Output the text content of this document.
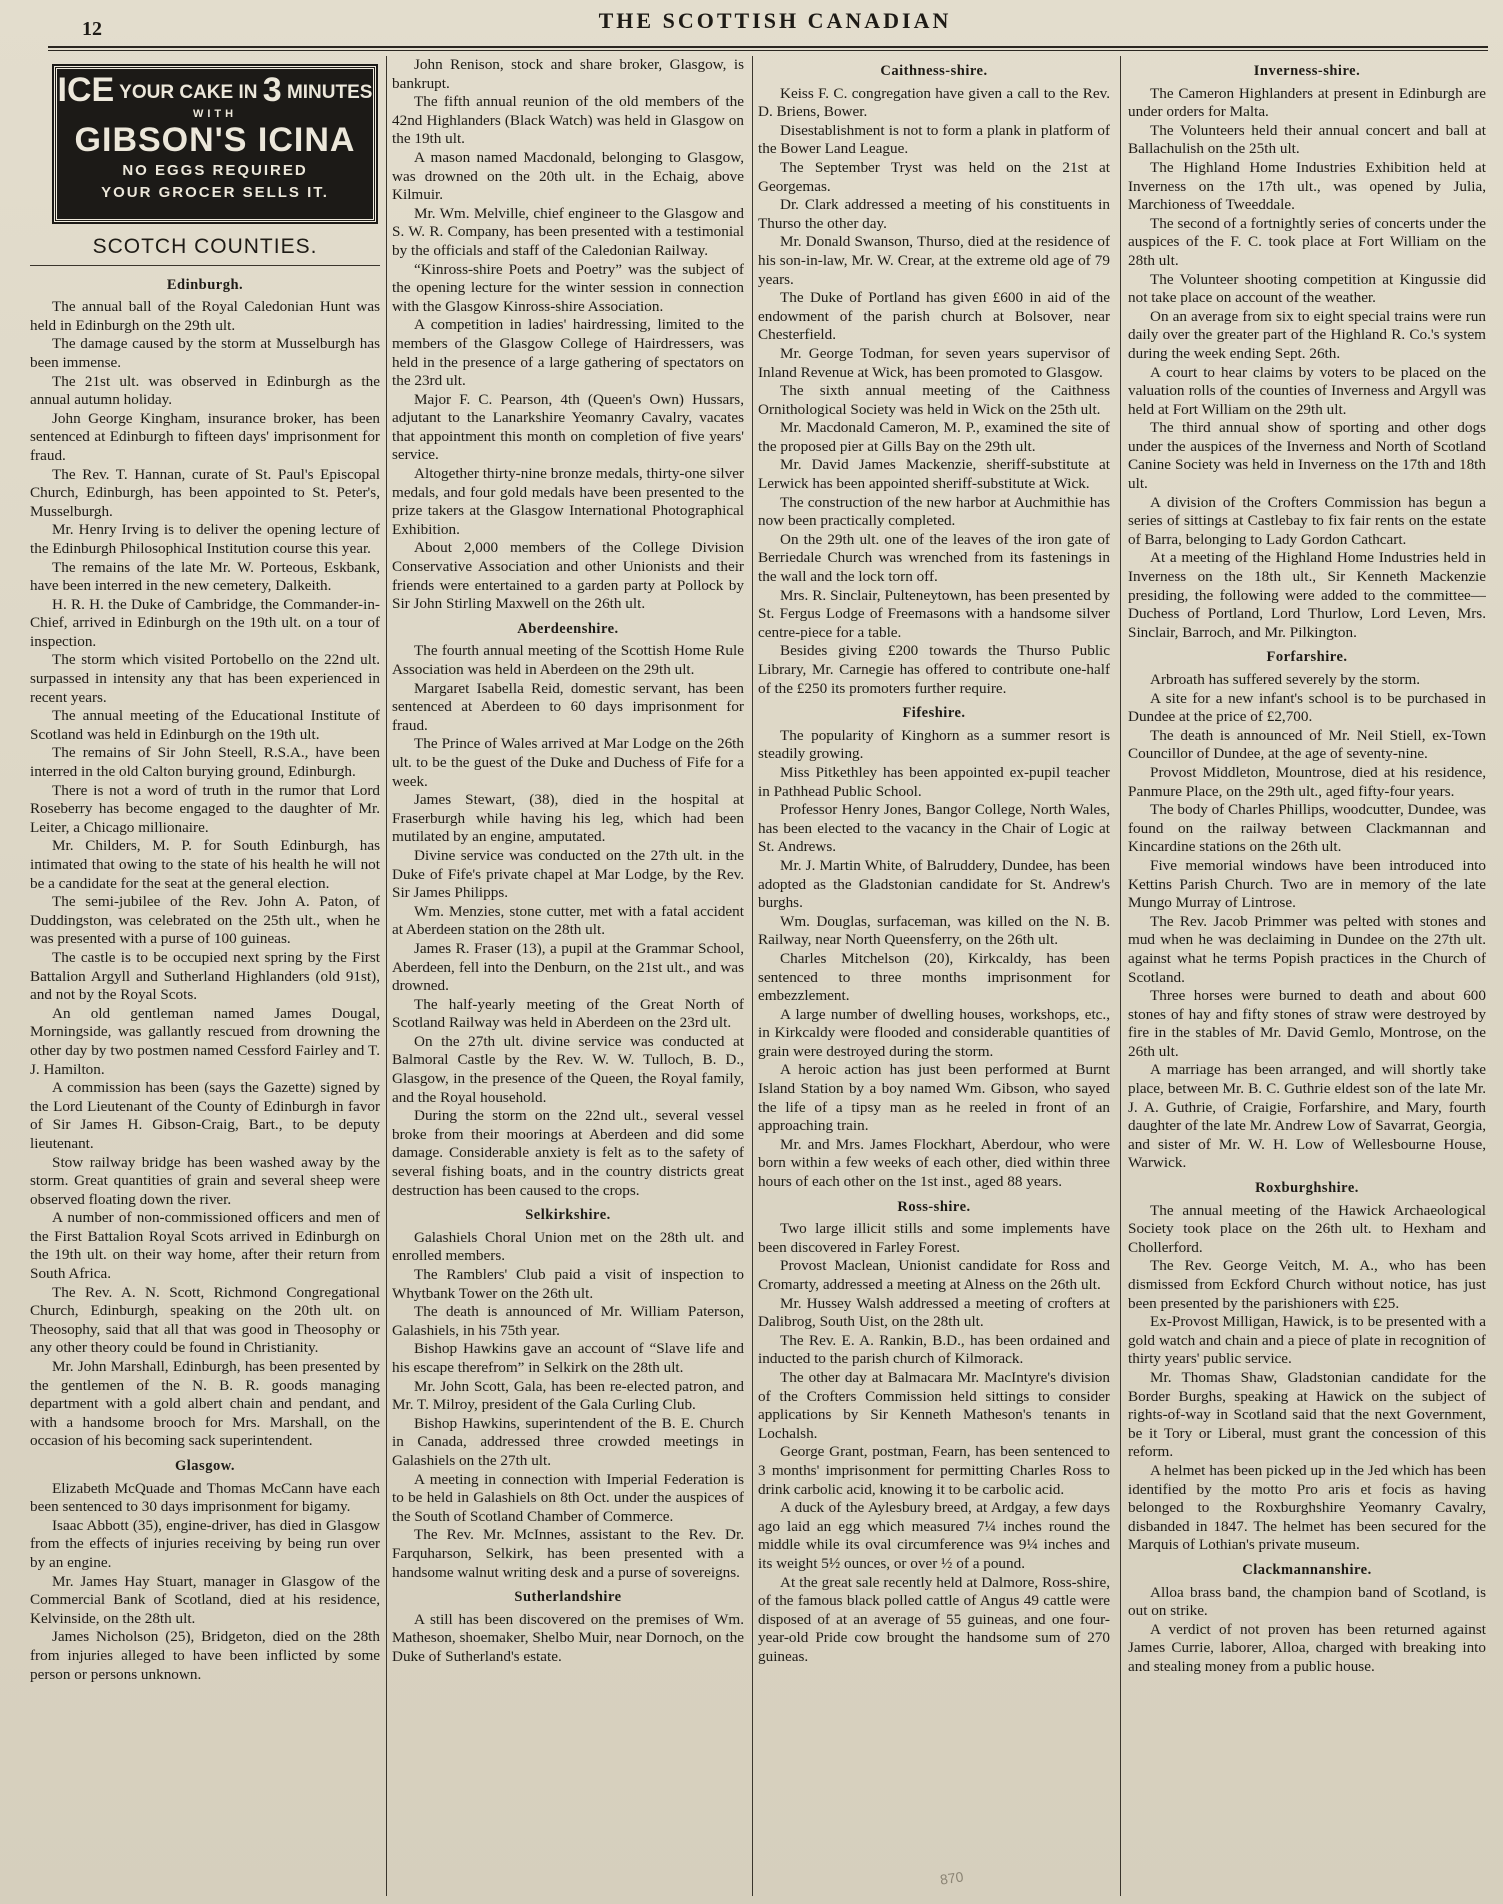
12	THE SCOTTISH CANADIAN
ICE YOUR CAKE IN 3 MINUTES
WITH
GIBSON'S ICINA
NO EGGS REQUIRED
YOUR GROCER SELLS IT.
SCOTCH COUNTIES.
Edinburgh.

The annual ball of the Royal Caledonian Hunt was held in Edinburgh on the 29th ult.

The damage caused by the storm at Musselburgh has been immense.

The 21st ult. was observed in Edinburgh as the annual autumn holiday.

John George Kingham, insurance broker, has been sentenced at Edinburgh to fifteen days' imprisonment for fraud.

The Rev. T. Hannan, curate of St. Paul's Episcopal Church, Edinburgh, has been appointed to St. Peter's, Musselburgh.

Mr. Henry Irving is to deliver the opening lecture of the Edinburgh Philosophical Institution course this year.

The remains of the late Mr. W. Porteous, Eskbank, have been interred in the new cemetery, Dalkeith.

H. R. H. the Duke of Cambridge, the Commander-in-Chief, arrived in Edinburgh on the 19th ult. on a tour of inspection.

The storm which visited Portobello on the 22nd ult. surpassed in intensity any that has been experienced in recent years.

The annual meeting of the Educational Institute of Scotland was held in Edinburgh on the 19th ult.

The remains of Sir John Steell, R.S.A., have been interred in the old Calton burying ground, Edinburgh.

There is not a word of truth in the rumor that Lord Roseberry has become engaged to the daughter of Mr. Leiter, a Chicago millionaire.

Mr. Childers, M. P. for South Edinburgh, has intimated that owing to the state of his health he will not be a candidate for the seat at the general election.

The semi-jubilee of the Rev. John A. Paton, of Duddingston, was celebrated on the 25th ult., when he was presented with a purse of 100 guineas.

The castle is to be occupied next spring by the First Battalion Argyll and Sutherland Highlanders (old 91st), and not by the Royal Scots.

An old gentleman named James Dougal, Morningside, was gallantly rescued from drowning the other day by two postmen named Cessford Fairley and T. J. Hamilton.

A commission has been (says the Gazette) signed by the Lord Lieutenant of the County of Edinburgh in favor of Sir James H. Gibson-Craig, Bart., to be deputy lieutenant.

Stow railway bridge has been washed away by the storm. Great quantities of grain and several sheep were observed floating down the river.

A number of non-commissioned officers and men of the First Battalion Royal Scots arrived in Edinburgh on the 19th ult. on their way home, after their return from South Africa.

The Rev. A. N. Scott, Richmond Congregational Church, Edinburgh, speaking on the 20th ult. on Theosophy, said that all that was good in Theosophy or any other theory could be found in Christianity.

Mr. John Marshall, Edinburgh, has been presented by the gentlemen of the N. B. R. goods managing department with a gold albert chain and pendant, and with a handsome brooch for Mrs. Marshall, on the occasion of his becoming sack superintendent.

Glasgow.

Elizabeth McQuade and Thomas McCann have each been sentenced to 30 days imprisonment for bigamy.

Isaac Abbott (35), engine-driver, has died in Glasgow from the effects of injuries receiving by being run over by an engine.

Mr. James Hay Stuart, manager in Glasgow of the Commercial Bank of Scotland, died at his residence, Kelvinside, on the 28th ult.

James Nicholson (25), Bridgeton, died on the 28th from injuries alleged to have been inflicted by some person or persons unknown.

John Renison, stock and share broker, Glasgow, is bankrupt.

The fifth annual reunion of the old members of the 42nd Highlanders (Black Watch) was held in Glasgow on the 19th ult.

A mason named Macdonald, belonging to Glasgow, was drowned on the 20th ult. in the Echaig, above Kilmuir.

Mr. Wm. Melville, chief engineer to the Glasgow and S. W. R. Company, has been presented with a testimonial by the officials and staff of the Caledonian Railway.

“Kinross-shire Poets and Poetry” was the subject of the opening lecture for the winter session in connection with the Glasgow Kinross-shire Association.

A competition in ladies' hairdressing, limited to the members of the Glasgow College of Hairdressers, was held in the presence of a large gathering of spectators on the 23rd ult.

Major F. C. Pearson, 4th (Queen's Own) Hussars, adjutant to the Lanarkshire Yeomanry Cavalry, vacates that appointment this month on completion of five years' service.

Altogether thirty-nine bronze medals, thirty-one silver medals, and four gold medals have been presented to the prize takers at the Glasgow International Photographical Exhibition.

About 2,000 members of the College Division Conservative Association and other Unionists and their friends were entertained to a garden party at Pollock by Sir John Stirling Maxwell on the 26th ult.

Aberdeenshire.

The fourth annual meeting of the Scottish Home Rule Association was held in Aberdeen on the 29th ult.

Margaret Isabella Reid, domestic servant, has been sentenced at Aberdeen to 60 days imprisonment for fraud.

The Prince of Wales arrived at Mar Lodge on the 26th ult. to be the guest of the Duke and Duchess of Fife for a week.

James Stewart, (38), died in the hospital at Fraserburgh while having his leg, which had been mutilated by an engine, amputated.

Divine service was conducted on the 27th ult. in the Duke of Fife's private chapel at Mar Lodge, by the Rev. Sir James Philipps.

Wm. Menzies, stone cutter, met with a fatal accident at Aberdeen station on the 28th ult.

James R. Fraser (13), a pupil at the Grammar School, Aberdeen, fell into the Denburn, on the 21st ult., and was drowned.

The half-yearly meeting of the Great North of Scotland Railway was held in Aberdeen on the 23rd ult.

On the 27th ult. divine service was conducted at Balmoral Castle by the Rev. W. W. Tulloch, B. D., Glasgow, in the presence of the Queen, the Royal family, and the Royal household.

During the storm on the 22nd ult., several vessel broke from their moorings at Aberdeen and did some damage. Considerable anxiety is felt as to the safety of several fishing boats, and in the country districts great destruction has been caused to the crops.

Selkirkshire.

Galashiels Choral Union met on the 28th ult. and enrolled members.

The Ramblers' Club paid a visit of inspection to Whytbank Tower on the 26th ult.

The death is announced of Mr. William Paterson, Galashiels, in his 75th year.

Bishop Hawkins gave an account of “Slave life and his escape therefrom” in Selkirk on the 28th ult.

Mr. John Scott, Gala, has been re-elected patron, and Mr. T. Milroy, president of the Gala Curling Club.

Bishop Hawkins, superintendent of the B. E. Church in Canada, addressed three crowded meetings in Galashiels on the 27th ult.

A meeting in connection with Imperial Federation is to be held in Galashiels on 8th Oct. under the auspices of the South of Scotland Chamber of Commerce.

The Rev. Mr. McInnes, assistant to the Rev. Dr. Farquharson, Selkirk, has been presented with a handsome walnut writing desk and a purse of sovereigns.

Sutherlandshire

A still has been discovered on the premises of Wm. Matheson, shoemaker, Shelbo Muir, near Dornoch, on the Duke of Sutherland's estate.

Caithness-shire.

Keiss F. C. congregation have given a call to the Rev. D. Briens, Bower.

Disestablishment is not to form a plank in platform of the Bower Land League.

The September Tryst was held on the 21st at Georgemas.

Dr. Clark addressed a meeting of his constituents in Thurso the other day.

Mr. Donald Swanson, Thurso, died at the residence of his son-in-law, Mr. W. Crear, at the extreme old age of 79 years.

The Duke of Portland has given £600 in aid of the endowment of the parish church at Bolsover, near Chesterfield.

Mr. George Todman, for seven years supervisor of Inland Revenue at Wick, has been promoted to Glasgow.

The sixth annual meeting of the Caithness Ornithological Society was held in Wick on the 25th ult.

Mr. Macdonald Cameron, M. P., examined the site of the proposed pier at Gills Bay on the 29th ult.

Mr. David James Mackenzie, sheriff-substitute at Lerwick has been appointed sheriff-substitute at Wick.

The construction of the new harbor at Auchmithie has now been practically completed.

On the 29th ult. one of the leaves of the iron gate of Berriedale Church was wrenched from its fastenings in the wall and the lock torn off.

Mrs. R. Sinclair, Pulteneytown, has been presented by St. Fergus Lodge of Freemasons with a handsome silver centre-piece for a table.

Besides giving £200 towards the Thurso Public Library, Mr. Carnegie has offered to contribute one-half of the £250 its promoters further require.

Fifeshire.

The popularity of Kinghorn as a summer resort is steadily growing.

Miss Pitkethley has been appointed ex-pupil teacher in Pathhead Public School.

Professor Henry Jones, Bangor College, North Wales, has been elected to the vacancy in the Chair of Logic at St. Andrews.

Mr. J. Martin White, of Balruddery, Dundee, has been adopted as the Gladstonian candidate for St. Andrew's burghs.

Wm. Douglas, surfaceman, was killed on the N. B. Railway, near North Queensferry, on the 26th ult.

Charles Mitchelson (20), Kirkcaldy, has been sentenced to three months imprisonment for embezzlement.

A large number of dwelling houses, workshops, etc., in Kirkcaldy were flooded and considerable quantities of grain were destroyed during the storm.

A heroic action has just been performed at Burnt Island Station by a boy named Wm. Gibson, who sayed the life of a tipsy man as he reeled in front of an approaching train.

Mr. and Mrs. James Flockhart, Aberdour, who were born within a few weeks of each other, died within three hours of each other on the 1st inst., aged 88 years.

Ross-shire.

Two large illicit stills and some implements have been discovered in Farley Forest.

Provost Maclean, Unionist candidate for Ross and Cromarty, addressed a meeting at Alness on the 26th ult.

Mr. Hussey Walsh addressed a meeting of crofters at Dalibrog, South Uist, on the 28th ult.

The Rev. E. A. Rankin, B.D., has been ordained and inducted to the parish church of Kilmorack.

The other day at Balmacara Mr. MacIntyre's division of the Crofters Commission held sittings to consider applications by Sir Kenneth Matheson's tenants in Lochalsh.

George Grant, postman, Fearn, has been sentenced to 3 months' imprisonment for permitting Charles Ross to drink carbolic acid, knowing it to be carbolic acid.

A duck of the Aylesbury breed, at Ardgay, a few days ago laid an egg which measured 7¼ inches round the middle while its oval circumference was 9¼ inches and its weight 5½ ounces, or over ½ of a pound.

At the great sale recently held at Dalmore, Ross-shire, of the famous black polled cattle of Angus 49 cattle were disposed of at an average of 55 guineas, and one four-year-old Pride cow brought the handsome sum of 270 guineas.

Inverness-shire.

The Cameron Highlanders at present in Edinburgh are under orders for Malta.

The Volunteers held their annual concert and ball at Ballachulish on the 25th ult.

The Highland Home Industries Exhibition held at Inverness on the 17th ult., was opened by Julia, Marchioness of Tweeddale.

The second of a fortnightly series of concerts under the auspices of the F. C. took place at Fort William on the 28th ult.

The Volunteer shooting competition at Kingussie did not take place on account of the weather.

On an average from six to eight special trains were run daily over the greater part of the Highland R. Co.'s system during the week ending Sept. 26th.

A court to hear claims by voters to be placed on the valuation rolls of the counties of Inverness and Argyll was held at Fort William on the 29th ult.

The third annual show of sporting and other dogs under the auspices of the Inverness and North of Scotland Canine Society was held in Inverness on the 17th and 18th ult.

A division of the Crofters Commission has begun a series of sittings at Castlebay to fix fair rents on the estate of Barra, belonging to Lady Gordon Cathcart.

At a meeting of the Highland Home Industries held in Inverness on the 18th ult., Sir Kenneth Mackenzie presiding, the following were added to the committee—Duchess of Portland, Lord Thurlow, Lord Leven, Mrs. Sinclair, Barroch, and Mr. Pilkington.

Forfarshire.

Arbroath has suffered severely by the storm.

A site for a new infant's school is to be purchased in Dundee at the price of £2,700.

The death is announced of Mr. Neil Stiell, ex-Town Councillor of Dundee, at the age of seventy-nine.

Provost Middleton, Mountrose, died at his residence, Panmure Place, on the 29th ult., aged fifty-four years.

The body of Charles Phillips, woodcutter, Dundee, was found on the railway between Clackmannan and Kincardine stations on the 26th ult.

Five memorial windows have been introduced into Kettins Parish Church. Two are in memory of the late Mungo Murray of Lintrose.

The Rev. Jacob Primmer was pelted with stones and mud when he was declaiming in Dundee on the 27th ult. against what he terms Popish practices in the Church of Scotland.

Three horses were burned to death and about 600 stones of hay and fifty stones of straw were destroyed by fire in the stables of Mr. David Gemlo, Montrose, on the 26th ult.

A marriage has been arranged, and will shortly take place, between Mr. B. C. Guthrie eldest son of the late Mr. J. A. Guthrie, of Craigie, Forfarshire, and Mary, fourth daughter of the late Mr. Andrew Low of Savarrat, Georgia, and sister of Mr. W. H. Low of Wellesbourne House, Warwick.

Roxburghshire.

The annual meeting of the Hawick Archaeological Society took place on the 26th ult. to Hexham and Chollerford.

The Rev. George Veitch, M. A., who has been dismissed from Eckford Church without notice, has just been presented by the parishioners with £25.

Ex-Provost Milligan, Hawick, is to be presented with a gold watch and chain and a piece of plate in recognition of thirty years' public service.

Mr. Thomas Shaw, Gladstonian candidate for the Border Burghs, speaking at Hawick on the subject of rights-of-way in Scotland said that the next Government, be it Tory or Liberal, must grant the concession of this reform.

A helmet has been picked up in the Jed which has been identified by the motto Pro aris et focis as having belonged to the Roxburghshire Yeomanry Cavalry, disbanded in 1847. The helmet has been secured for the Marquis of Lothian's private museum.

Clackmannanshire.

Alloa brass band, the champion band of Scotland, is out on strike.

A verdict of not proven has been returned against James Currie, laborer, Alloa, charged with breaking into and stealing money from a public house.

870
